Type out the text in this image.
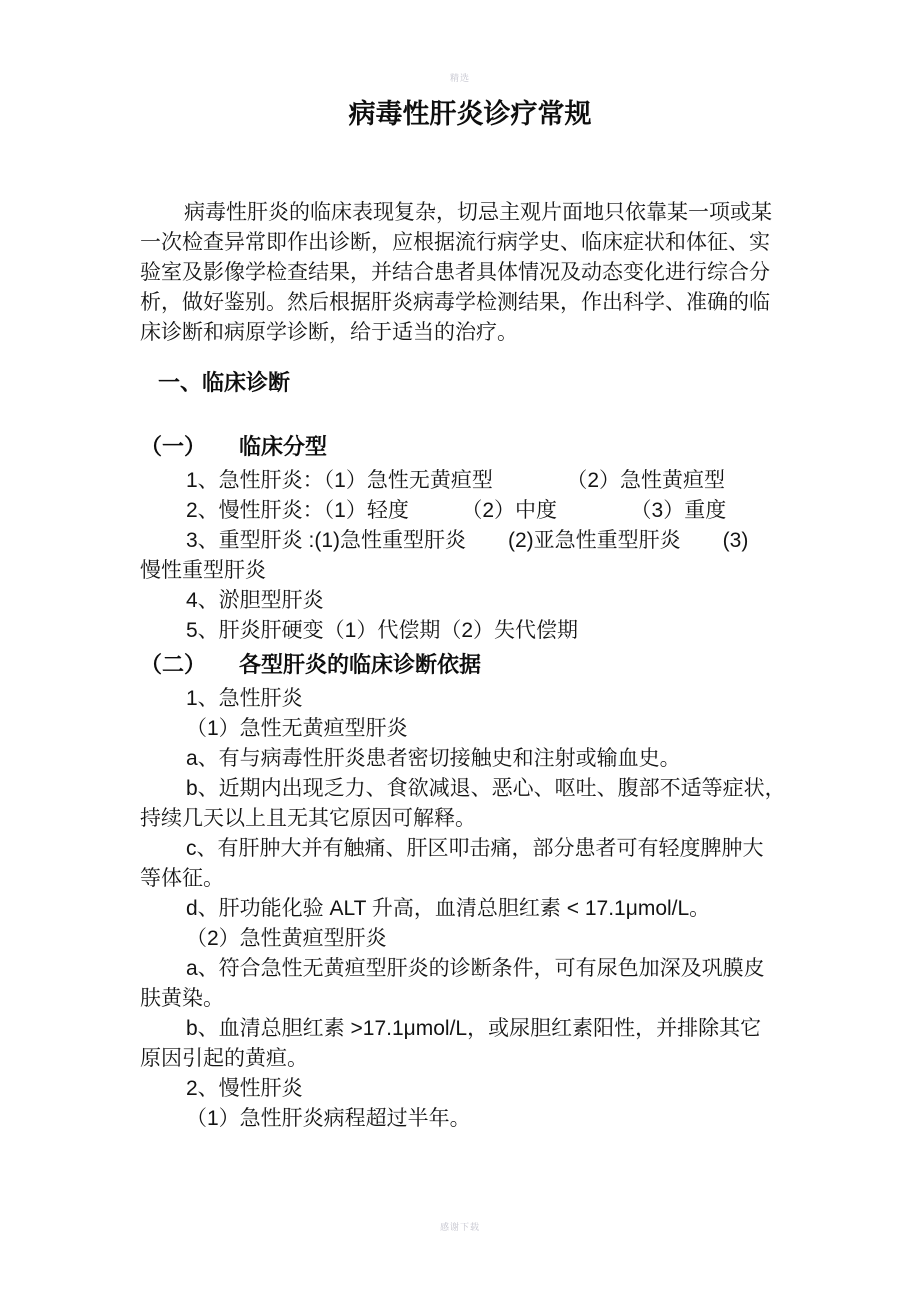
精选
病毒性肝炎诊疗常规
病毒性肝炎的临床表现复杂，切忌主观片面地只依靠某一项或某
一次检查异常即作出诊断，应根据流行病学史、临床症状和体征、实
验室及影像学检查结果，并结合患者具体情况及动态变化进行综合分
析，做好鉴别。然后根据肝炎病毒学检测结果，作出科学、准确的临
床诊断和病原学诊断，给于适当的治疗。
一、临床诊断
（一）　　临床分型
1、急性肝炎：（1）急性无黄疸型　　　　（2）急性黄疸型
2、慢性肝炎：（1）轻度　　　（2）中度　　　　（3）重度
3、重型肝炎 :(1)急性重型肝炎　　(2)亚急性重型肝炎　　(3)
慢性重型肝炎
4、淤胆型肝炎
5、肝炎肝硬变（1）代偿期（2）失代偿期
（二）　　各型肝炎的临床诊断依据
1、急性肝炎
（1）急性无黄疸型肝炎
a、有与病毒性肝炎患者密切接触史和注射或输血史。
b、近期内出现乏力、食欲减退、恶心、呕吐、腹部不适等症状，
持续几天以上且无其它原因可解释。
c、有肝肿大并有触痛、肝区叩击痛，部分患者可有轻度脾肿大
等体征。
d、肝功能化验 ALT 升高，血清总胆红素 < 17.1μmol/L。
（2）急性黄疸型肝炎
a、符合急性无黄疸型肝炎的诊断条件，可有尿色加深及巩膜皮
肤黄染。
b、血清总胆红素 >17.1μmol/L，或尿胆红素阳性，并排除其它
原因引起的黄疸。
2、慢性肝炎
（1）急性肝炎病程超过半年。
感谢下载
